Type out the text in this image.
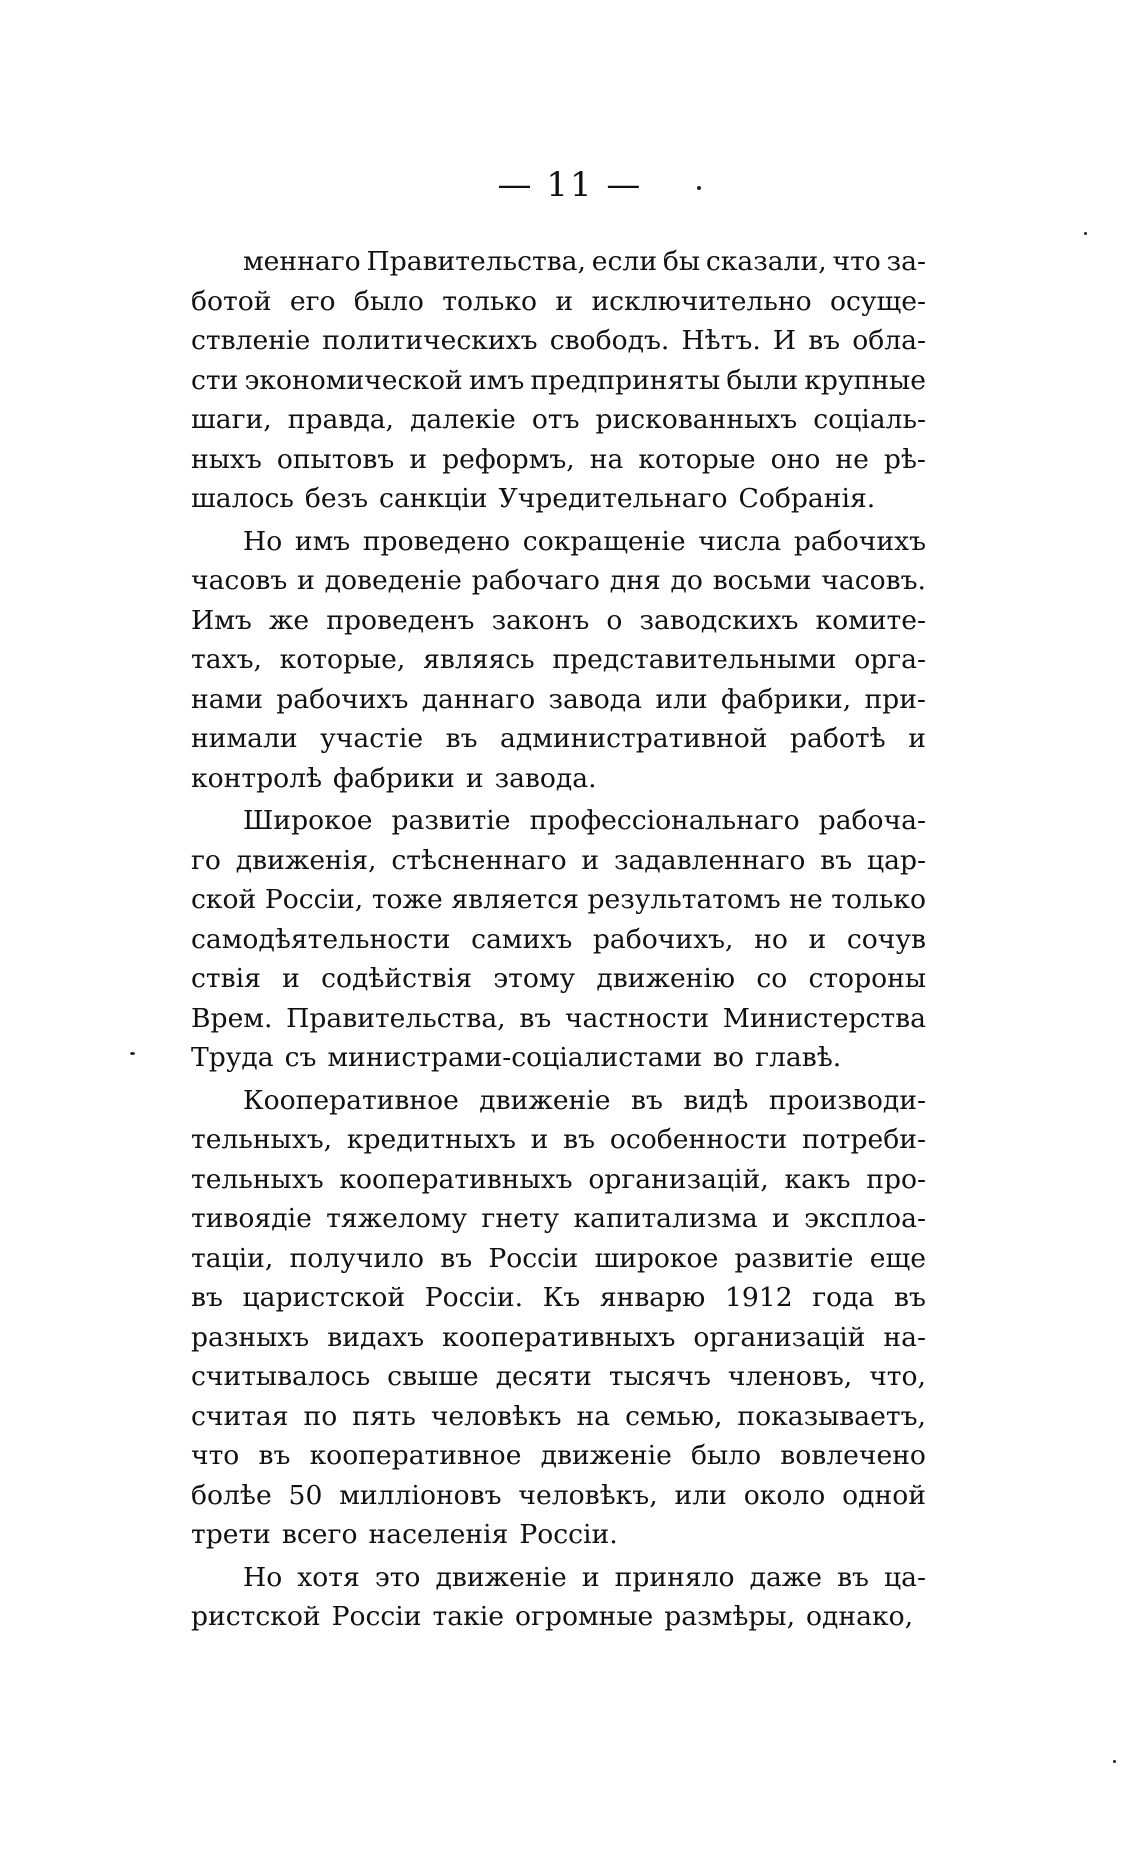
— 11 —
меннаго Правительства, если бы сказали, что за-
ботой его было только и исключительно осуще-
ствленіе политическихъ свободъ. Нѣтъ. И въ обла-
сти экономической имъ предприняты были крупные
шаги, правда, далекіе отъ рискованныхъ соціаль-
ныхъ опытовъ и реформъ, на которые оно не рѣ-
шалось безъ санкціи Учредительнаго Собранія.
Но имъ проведено сокращеніе числа рабочихъ
часовъ и доведеніе рабочаго дня до восьми часовъ.
Имъ же проведенъ законъ о заводскихъ комите-
тахъ, которые, являясь представительными орга-
нами рабочихъ даннаго завода или фабрики, при-
нимали участіе въ административной работѣ и
контролѣ фабрики и завода.
Широкое развитіе профессіональнаго рабоча-
го движенія, стѣсненнаго и задавленнаго въ цар-
ской Россіи, тоже является результатомъ не только
самодѣятельности самихъ рабочихъ, но и сочув
ствія и содѣйствія этому движенію со стороны
Врем. Правительства, въ частности Министерства
Труда съ министрами-соціалистами во главѣ.
Кооперативное движеніе въ видѣ производи-
тельныхъ, кредитныхъ и въ особенности потреби-
тельныхъ кооперативныхъ организацій, какъ про-
тивоядіе тяжелому гнету капитализма и эксплоа-
таціи, получило въ Россіи широкое развитіе еще
въ царистской Россіи. Къ январю 1912 года въ
разныхъ видахъ кооперативныхъ организацій на-
считывалось свыше десяти тысячъ членовъ, что,
считая по пять человѣкъ на семью, показываетъ,
что въ кооперативное движеніе было вовлечено
болѣе 50 милліоновъ человѣкъ, или около одной
трети всего населенія Россіи.
Но хотя это движеніе и приняло даже въ ца-
ристской Россіи такіе огромные размѣры, однако,
